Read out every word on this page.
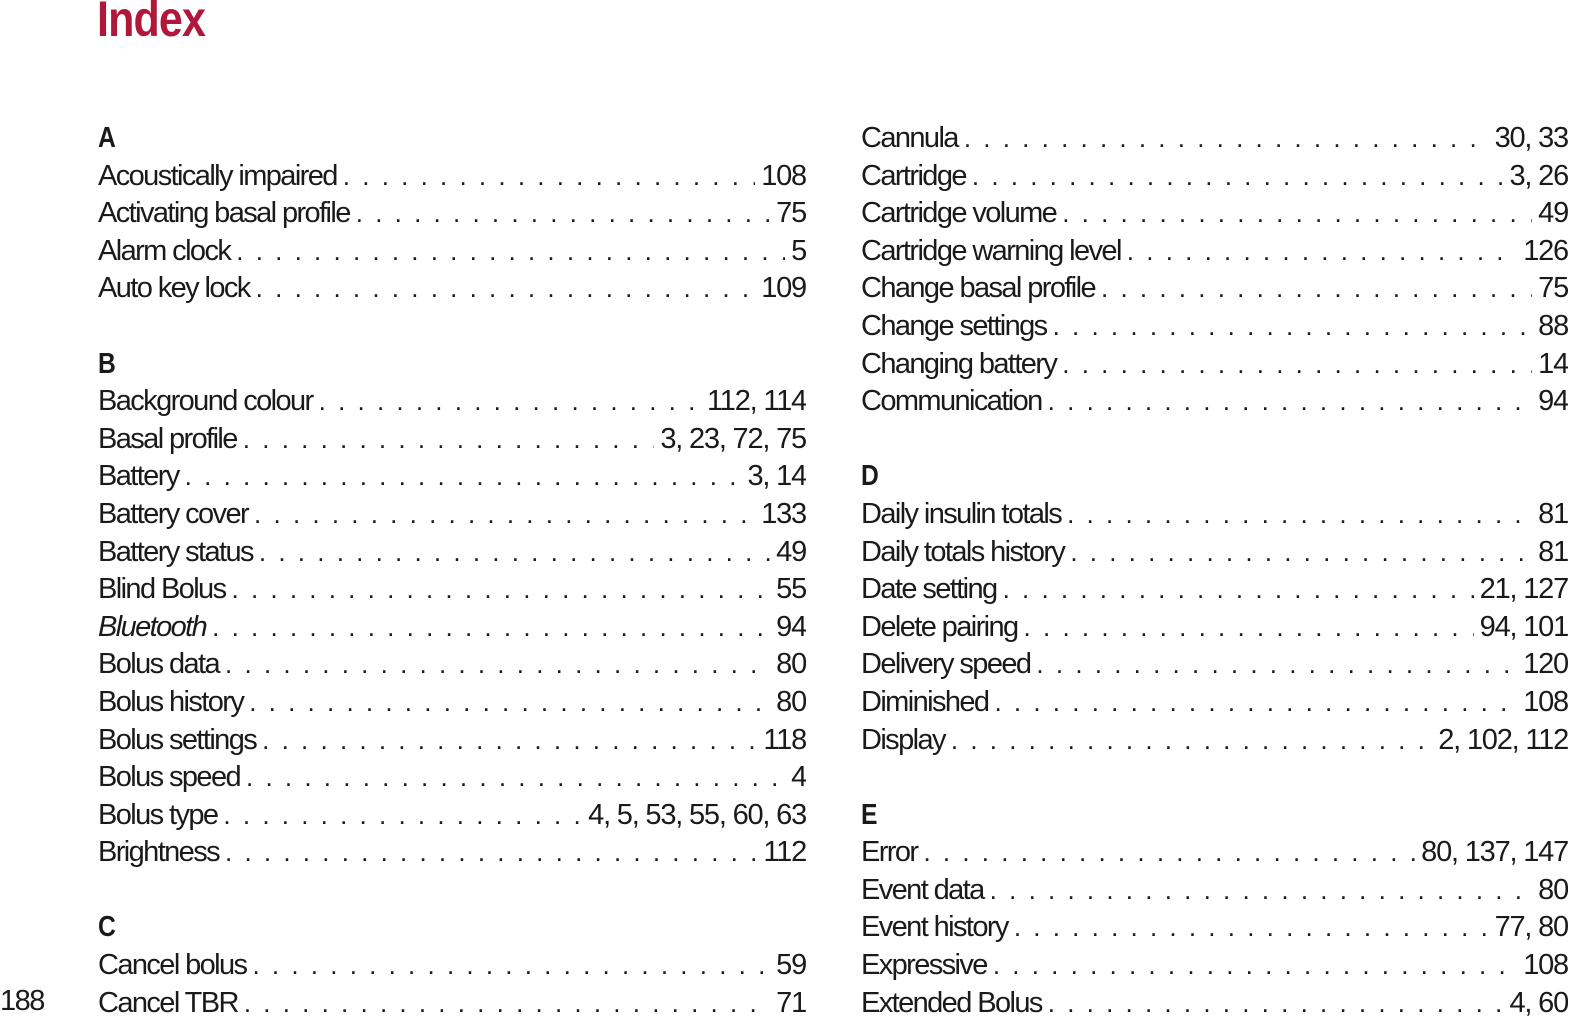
Index
A
Acoustically impaired . . .	108
Activating basal profile . . .	75
Alarm clock . . .	5
Auto key lock . . .	109
B
Background colour . . .	112, 114
Basal profile . . .	3, 23, 72, 75
Battery . . .	3, 14
Battery cover . . .	133
Battery status . . .	49
Blind Bolus . . .	55
Bluetooth . . .	94
Bolus data . . .	80
Bolus history . . .	80
Bolus settings . . .	118
Bolus speed . . .	4
Bolus type . . .	4, 5, 53, 55, 60, 63
Brightness . . .	112
C
Cancel bolus . . .	59
Cancel TBR . . .	71
Cannula . . .	30, 33
Cartridge . . .	3, 26
Cartridge volume . . .	49
Cartridge warning level . . .	126
Change basal profile . . .	75
Change settings . . .	88
Changing battery . . .	14
Communication . . .	94
D
Daily insulin totals . . .	81
Daily totals history . . .	81
Date setting . . .	21, 127
Delete pairing . . .	94, 101
Delivery speed . . .	120
Diminished . . .	108
Display . . .	2, 102, 112
E
Error . . .	80, 137, 147
Event data . . .	80
Event history . . .	77, 80
Expressive . . .	108
Extended Bolus . . .	4, 60
188
